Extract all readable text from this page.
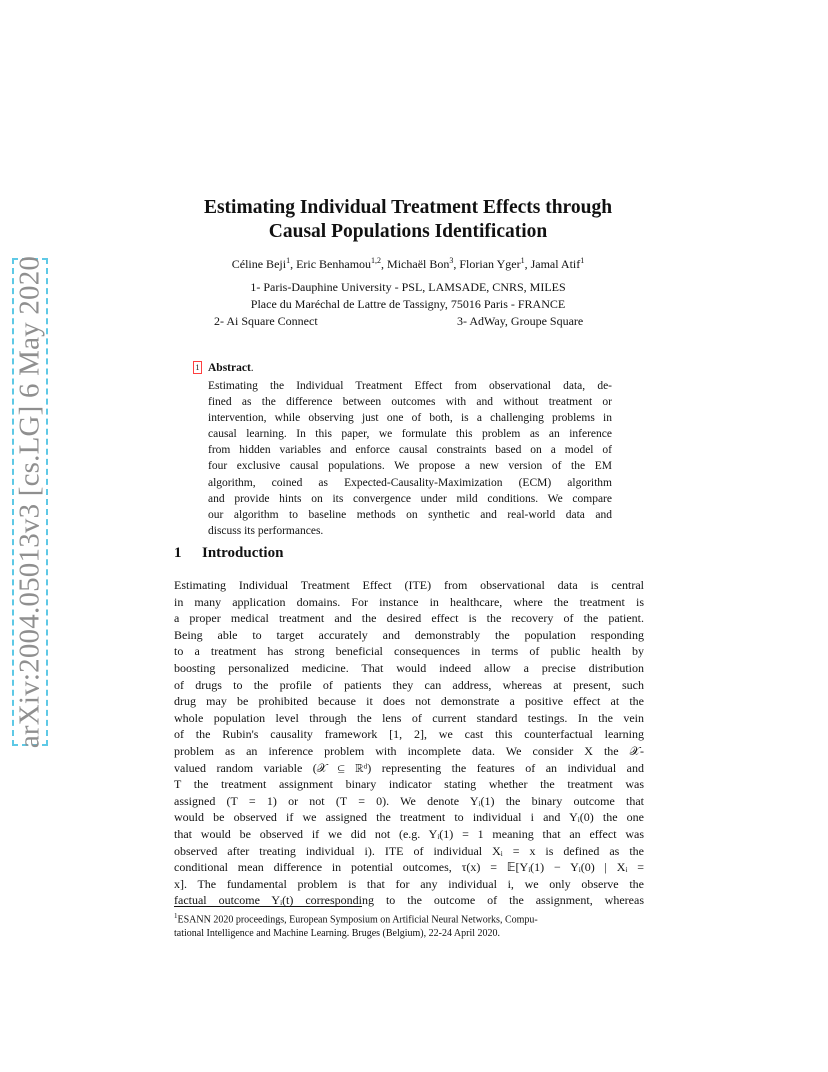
arXiv:2004.05013v3 [cs.LG] 6 May 2020
Estimating Individual Treatment Effects through
Causal Populations Identification
Céline Beji$^1$, Eric Benhamou$^{1,2}$, Michaël Bon$^3$, Florian Yger$^1$, Jamal Atif$^1$
1- Paris-Dauphine University - PSL, LAMSADE, CNRS, MILES
Place du Maréchal de Lattre de Tassigny, 75016 Paris - FRANCE
2- Ai Square Connect	3- AdWay, Groupe Square
1 Abstract.
Estimating the Individual Treatment Effect from observational data, de-
fined as the difference between outcomes with and without treatment or
intervention, while observing just one of both, is a challenging problems in
causal learning. In this paper, we formulate this problem as an inference
from hidden variables and enforce causal constraints based on a model of
four exclusive causal populations. We propose a new version of the EM
algorithm, coined as Expected-Causality-Maximization (ECM) algorithm
and provide hints on its convergence under mild conditions. We compare
our algorithm to baseline methods on synthetic and real-world data and
discuss its performances.
1 Introduction
Estimating Individual Treatment Effect (ITE) from observational data is central
in many application domains. For instance in healthcare, where the treatment is
a proper medical treatment and the desired effect is the recovery of the patient.
Being able to target accurately and demonstrably the population responding
to a treatment has strong beneficial consequences in terms of public health by
boosting personalized medicine. That would indeed allow a precise distribution
of drugs to the profile of patients they can address, whereas at present, such
drug may be prohibited because it does not demonstrate a positive effect at the
whole population level through the lens of current standard testings. In the vein
of the Rubin's causality framework [1, 2], we cast this counterfactual learning
problem as an inference problem with incomplete data. We consider X the 𝒳-
valued random variable (𝒳 ⊆ ℝᵈ) representing the features of an individual and
T the treatment assignment binary indicator stating whether the treatment was
assigned (T = 1) or not (T = 0). We denote Yᵢ(1) the binary outcome that
would be observed if we assigned the treatment to individual i and Yᵢ(0) the one
that would be observed if we did not (e.g. Yᵢ(1) = 1 meaning that an effect was
observed after treating individual i). ITE of individual Xᵢ = x is defined as the
conditional mean difference in potential outcomes, τ(x) = 𝔼[Yᵢ(1) − Yᵢ(0) | Xᵢ =
x]. The fundamental problem is that for any individual i, we only observe the
factual outcome Yᵢ(t) corresponding to the outcome of the assignment, whereas
$^1$ESANN 2020 proceedings, European Symposium on Artificial Neural Networks, Compu-
tational Intelligence and Machine Learning. Bruges (Belgium), 22-24 April 2020.
